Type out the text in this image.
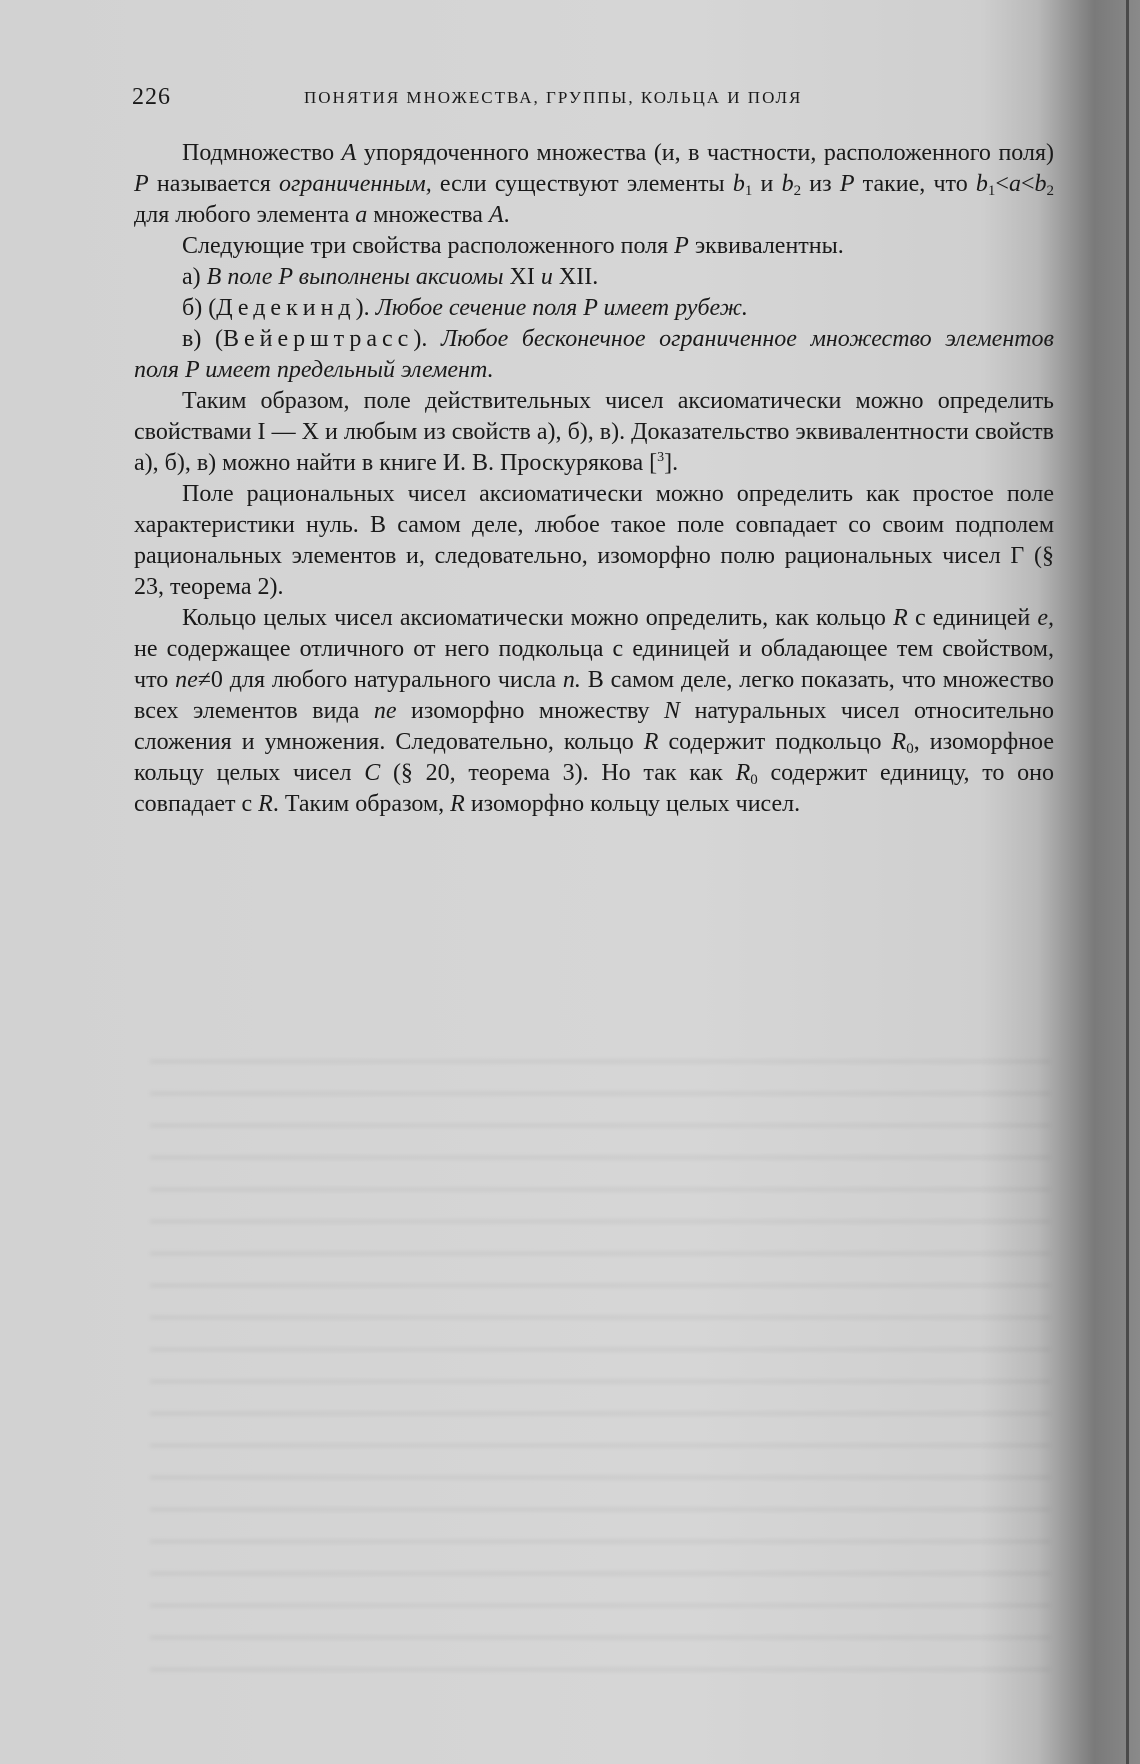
226	ПОНЯТИЯ МНОЖЕСТВА, ГРУППЫ, КОЛЬЦА И ПОЛЯ

Подмножество A упорядоченного множества (и, в частности, расположенного поля) P называется ограниченным, если существуют элементы $b_1$ и $b_2$ из P такие, что $b_1<a<b_2$ для любого элемента a множества A.

Следующие три свойства расположенного поля P эквивалентны.

а) В поле P выполнены аксиомы XI и XII.

б) (Дедекинд). Любое сечение поля P имеет рубеж.

в) (Вейерштрасс). Любое бесконечное ограниченное множество элементов поля P имеет предельный элемент.

Таким образом, поле действительных чисел аксиоматически можно определить свойствами I — X и любым из свойств а), б), в). Доказательство эквивалентности свойств а), б), в) можно найти в книге И. В. Проскурякова [$^3$].

Поле рациональных чисел аксиоматически можно определить как простое поле характеристики нуль. В самом деле, любое такое поле совпадает со своим подполем рациональных элементов и, следовательно, изоморфно полю рациональных чисел Г (§ 23, теорема 2).

Кольцо целых чисел аксиоматически можно определить, как кольцо R с единицей e, не содержащее отличного от него подкольца с единицей и обладающее тем свойством, что ne≠0 для любого натурального числа n. В самом деле, легко показать, что множество всех элементов вида ne изоморфно множеству N натуральных чисел относительно сложения и умножения. Следовательно, кольцо R содержит подкольцо $R_0$, изоморфное кольцу целых чисел C (§ 20, теорема 3). Но так как $R_0$ содержит единицу, то оно совпадает с R. Таким образом, R изоморфно кольцу целых чисел.
